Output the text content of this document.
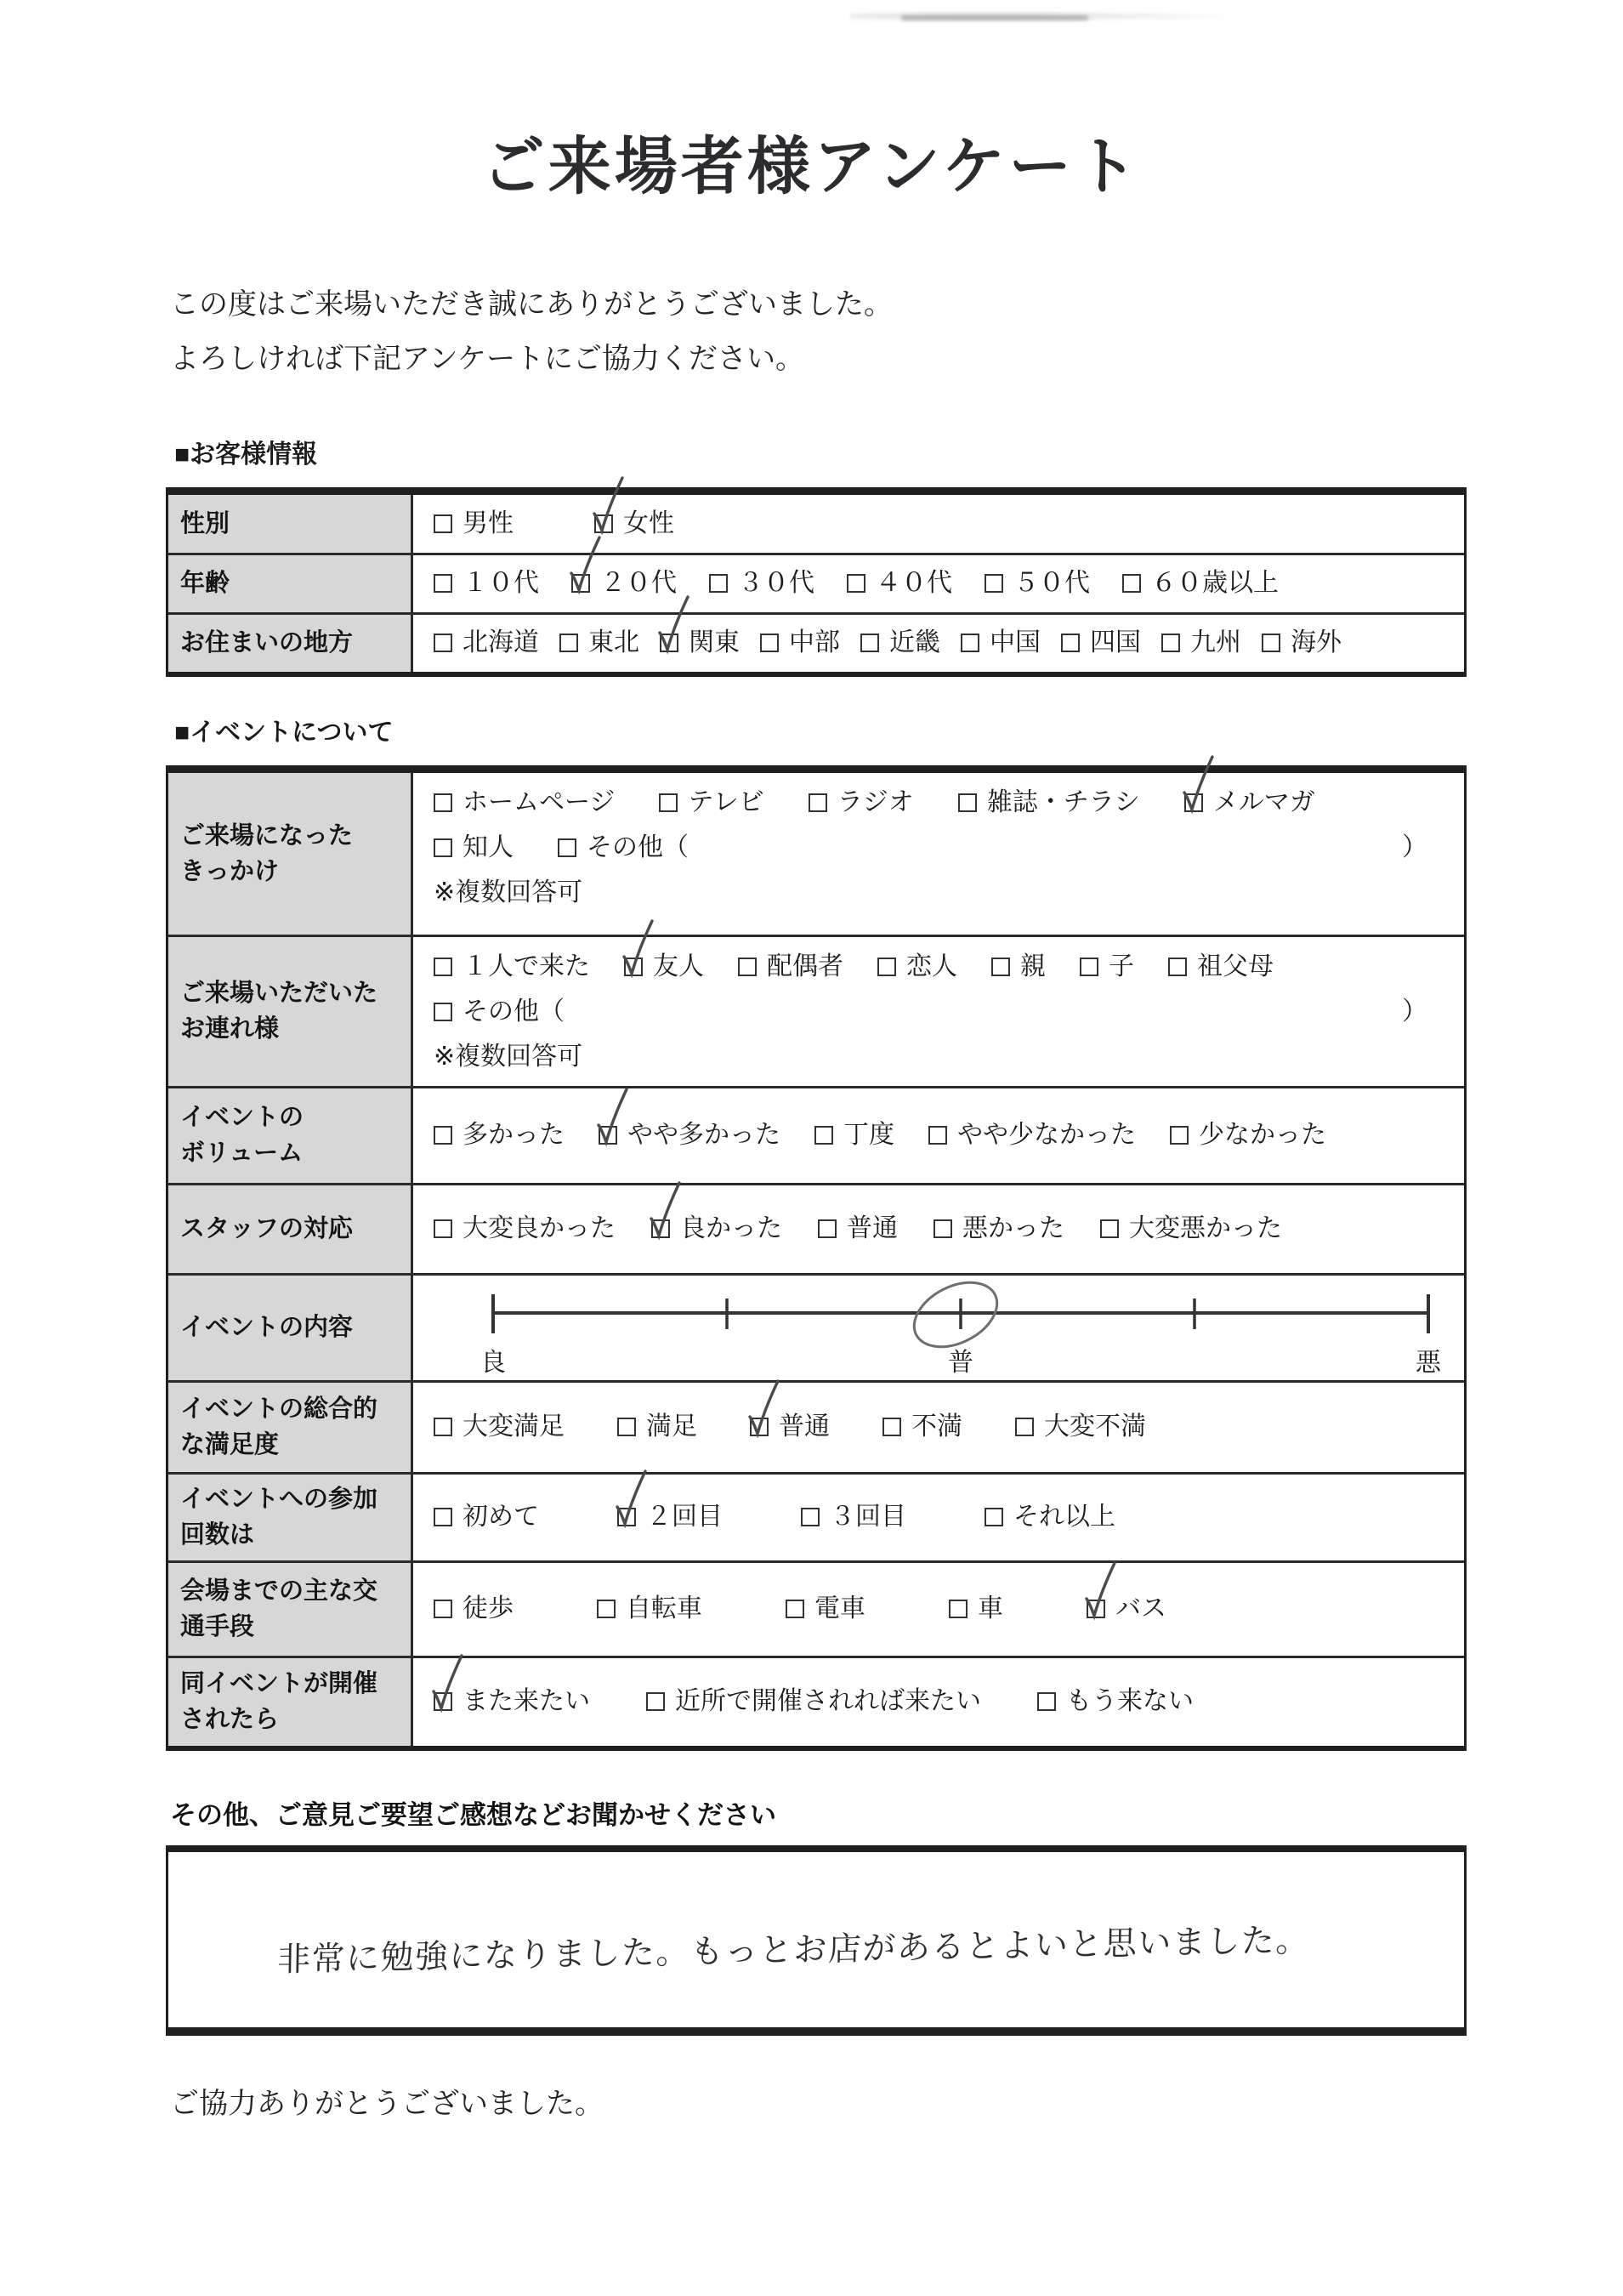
ご来場者様アンケート

この度はご来場いただき誠にありがとうございました。

よろしければ下記アンケートにご協力ください。

■お客様情報
性別	男性	女性
年齢	１０代 ２０代 ３０代 ４０代 ５０代 ６０歳以上
お住まいの地方	北海道 東北 関東 中部 近畿 中国 四国 九州 海外
■イベントについて
ご来場になった
きっかけ
ホームページ	テレビ	ラジオ	雑誌・チラシ	メルマガ
知人	その他（	）
※複数回答可
ご来場いただいた
お連れ様
１人で来た 友人 配偶者 恋人 親 子 祖父母
その他（	）
※複数回答可
イベントの
ボリューム
多かった やや多かった 丁度 やや少なかった 少なかった
スタッフの対応	大変良かった	良かった	普通	悪かった	大変悪かった
イベントの内容
良	普	悪
イベントの総合的
な満足度
大変満足	満足	普通	不満	大変不満
イベントへの参加
回数は
初めて	２回目	３回目	それ以上
会場までの主な交
通手段
徒歩	自転車	電車	車	バス
同イベントが開催
されたら
また来たい	近所で開催されれば来たい	もう来ない
その他、ご意見ご要望ご感想などお聞かせください
非常に勉強になりました。もっとお店があるとよいと思いました。

ご協力ありがとうございました。
